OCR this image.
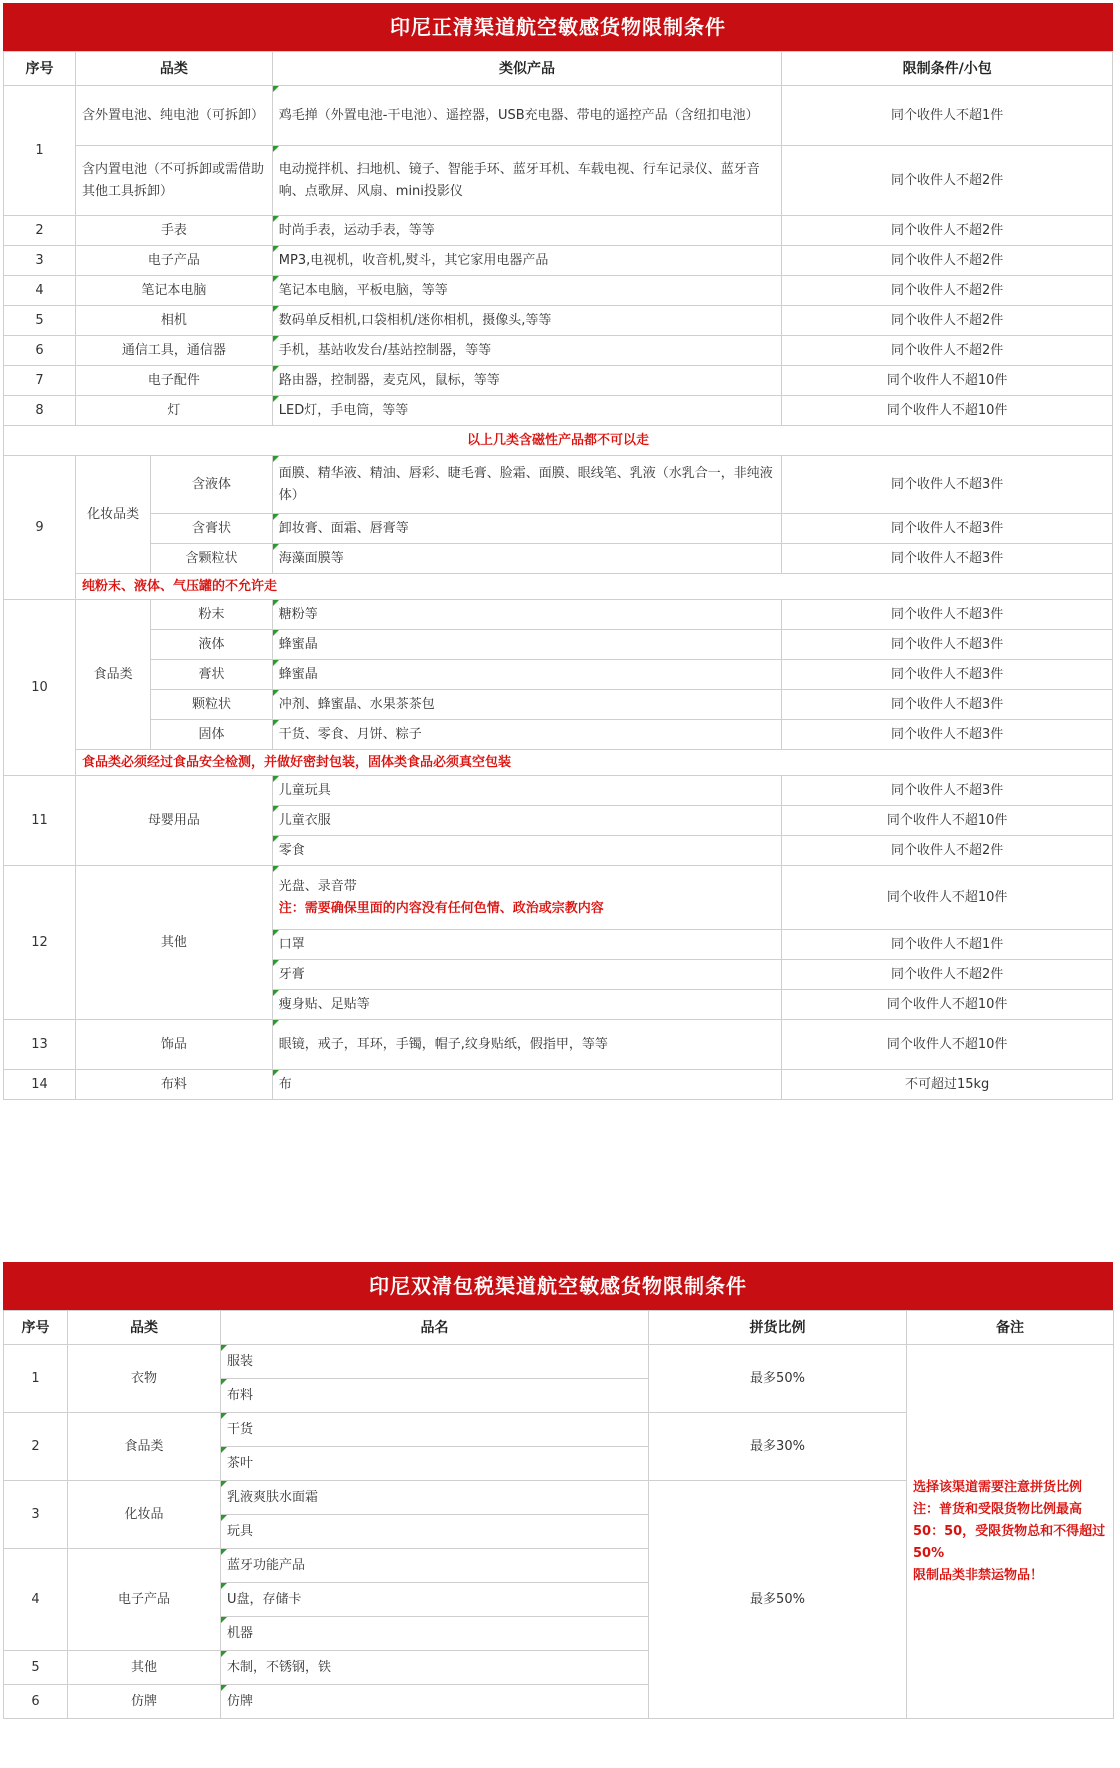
印尼正清渠道航空敏感货物限制条件
序号	品类		类似产品	限制条件/小包
1	含外置电池、纯电池（可拆卸）		鸡毛掸（外置电池-干电池）、遥控器，USB充电器、带电的遥控产品（含纽扣电池）	同个收件人不超1件
	含内置电池（不可拆卸或需借助其他工具拆卸）		电动搅拌机、扫地机、镜子、智能手环、蓝牙耳机、车载电视、行车记录仪、蓝牙音响、点歌屏、风扇、mini投影仪	同个收件人不超2件
2	手表		时尚手表，运动手表，等等	同个收件人不超2件
3	电子产品		MP3,电视机，收音机,熨斗，其它家用电器产品	同个收件人不超2件
4	笔记本电脑		笔记本电脑，平板电脑，等等	同个收件人不超2件
5	相机		数码单反相机,口袋相机/迷你相机，摄像头,等等	同个收件人不超2件
6	通信工具，通信器		手机，基站收发台/基站控制器，等等	同个收件人不超2件
7	电子配件		路由器，控制器，麦克风，鼠标，等等	同个收件人不超10件
8	灯		LED灯，手电筒，等等	同个收件人不超10件
以上几类含磁性产品都不可以走				
9	化妆品类	含液体	面膜、精华液、精油、唇彩、睫毛膏、脸霜、面膜、眼线笔、乳液（水乳合一，非纯液体）	同个收件人不超3件
		含膏状	卸妆膏、面霜、唇膏等	同个收件人不超3件
		含颗粒状	海藻面膜等	同个收件人不超3件
	纯粉末、液体、气压罐的不允许走			
10	食品类	粉末	糖粉等	同个收件人不超3件
		液体	蜂蜜晶	同个收件人不超3件
		膏状	蜂蜜晶	同个收件人不超3件
		颗粒状	冲剂、蜂蜜晶、水果茶茶包	同个收件人不超3件
		固体	干货、零食、月饼、粽子	同个收件人不超3件
	食品类必须经过食品安全检测，并做好密封包装，固体类食品必须真空包装			
11	母婴用品		儿童玩具	同个收件人不超3件
			儿童衣服	同个收件人不超10件
			零食	同个收件人不超2件
12	其他		光盘、录音带
注：需要确保里面的内容没有任何色情、政治或宗教内容	同个收件人不超10件
			口罩	同个收件人不超1件
			牙膏	同个收件人不超2件
			瘦身贴、足贴等	同个收件人不超10件
13	饰品		眼镜，戒子，耳环，手镯，帽子,纹身贴纸，假指甲，等等	同个收件人不超10件
14	布料		布	不可超过15kg
印尼双清包税渠道航空敏感货物限制条件
序号	品类	品名	拼货比例	备注
1	衣物	服装	最多50%	选择该渠道需要注意拼货比例
注：普货和受限货物比例最高
50：50，受限货物总和不得超过50%
限制品类非禁运物品！

		布料		
2	食品类	干货	最多30%	
		茶叶		
3	化妆品	乳液爽肤水面霜	最多50%	
		玩具		
4	电子产品	蓝牙功能产品		
		U盘，存储卡		
		机器		
5	其他	木制，不锈钢，铁		
6	仿牌	仿牌		
